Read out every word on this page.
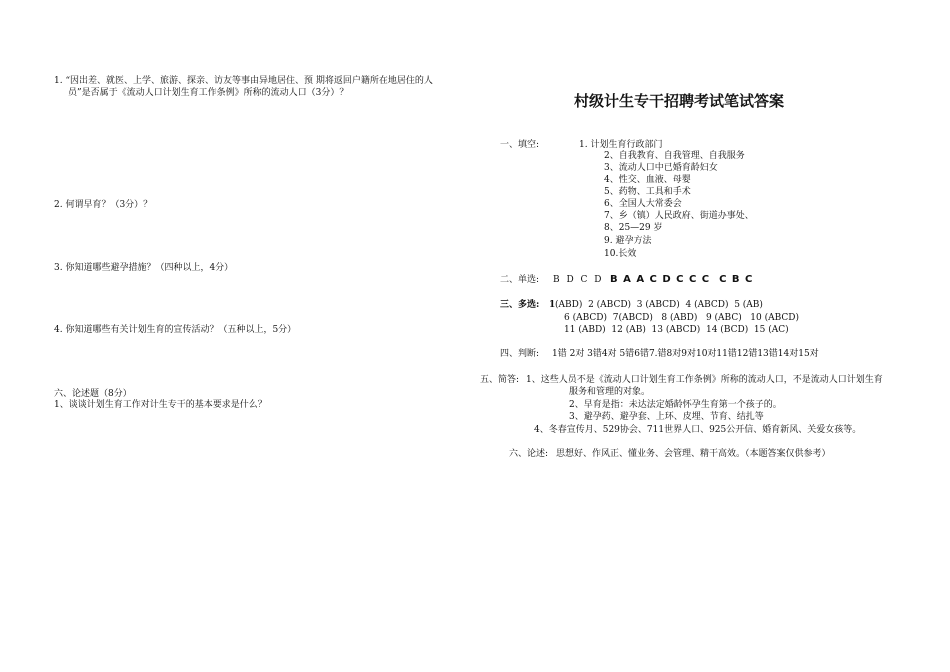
1. “因出差、就医、上学、旅游、探亲、访友等事由异地居住、预 期将返回户籍所在地居住的人
员”是否属于《流动人口计划生育工作条例》所称的流动人口（3分）？
2. 何谓早育？（3分）？
3. 你知道哪些避孕措施？（四种以上，4分）
4. 你知道哪些有关计划生育的宣传活动？（五种以上，5分）
六、论述题（8分）
1、谈谈计划生育工作对计生专干的基本要求是什么？
村级计生专干招聘考试笔试答案
一、填空:	1. 计划生育行政部门
2、自我教育、自我管理、自我服务
3、流动人口中已婚育龄妇女
4、性交、血液、母婴
5、药物、工具和手术
6、全国人大常委会
7、乡（镇）人民政府、街道办事处、
8、25—29 岁
9. 避孕方法
10.长效
二、单选: B D C D B A A C D C C C  C B C
三、多选: 1 (ABD)  2 (ABCD)  3 (ABCD)  4 (ABCD)  5 (AB)
6 (ABCD)  7(ABCD)   8 (ABD)   9 (ABC)   10 (ABCD)
11 (ABD)  12 (AB)  13 (ABCD)  14 (BCD)  15 (AC)
四、判断: 1错 2对 3错4对 5错6错7.错8对9对10对11错12错13错14对15对
五、简答: 1、这些人员不是《流动人口计划生育工作条例》所称的流动人口，不是流动人口计划生育
服务和管理的对象。
2、早育是指：未达法定婚龄怀孕生育第一个孩子的。
3、避孕药、避孕套、上环、皮埋、节育、结扎等
4、冬春宣传月、529协会、711世界人口、925公开信、婚育新风、关爱女孩等。
六、论述: 思想好、作风正、懂业务、会管理、精干高效。（本题答案仅供参考）
